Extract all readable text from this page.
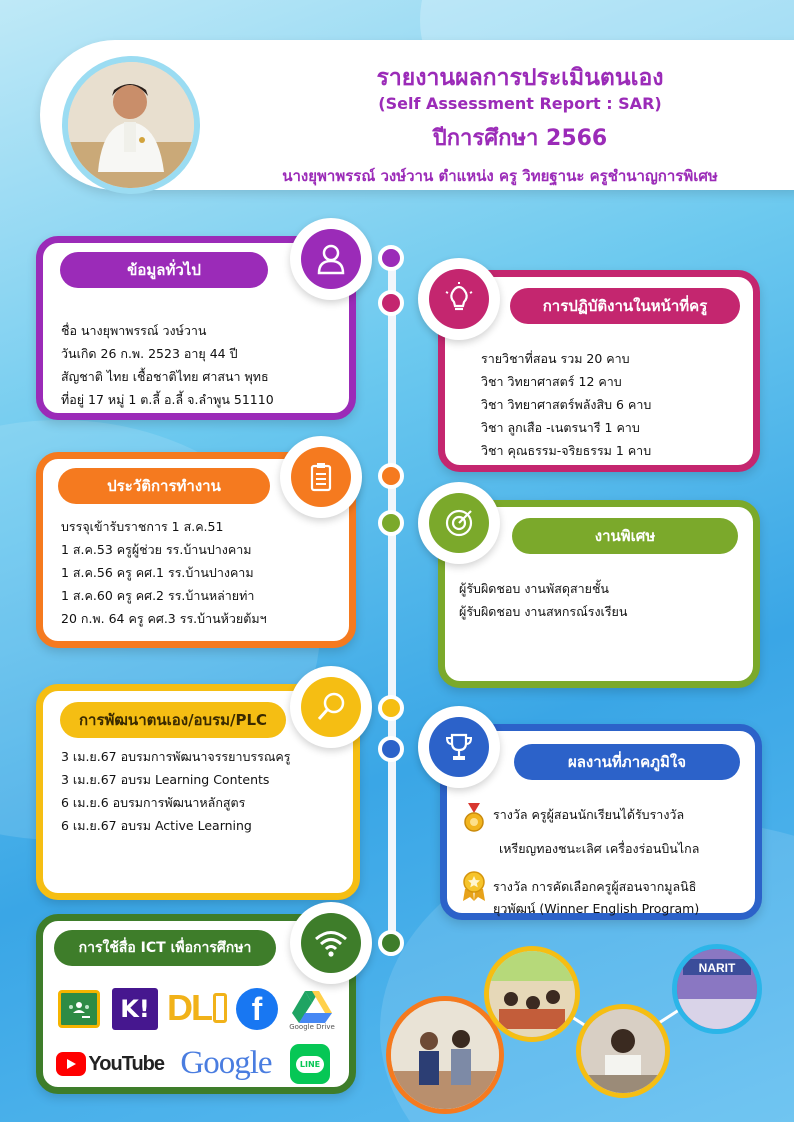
รายงานผลการประเมินตนเอง
(Self Assessment Report : SAR)
ปีการศึกษา 2566
นางยุพาพรรณ์ วงษ์วาน ตำแหน่ง ครู วิทยฐานะ ครูชำนาญการพิเศษ
ชื่อ นางยุพาพรรณ์ วงษ์วาน
วันเกิด 26 ก.พ. 2523 อายุ 44 ปี
สัญชาติ ไทย เชื้อชาติไทย ศาสนา พุทธ
ที่อยู่ 17 หมู่ 1 ต.ลี้ อ.ลี้ จ.ลำพูน 51110
ข้อมูลทั่วไป
รายวิชาที่สอน รวม 20 คาบ
วิชา วิทยาศาสตร์ 12 คาบ
วิชา วิทยาศาสตร์พลังสิบ 6 คาบ
วิชา ลูกเสือ -เนตรนารี 1 คาบ
วิชา คุณธรรม-จริยธรรม 1 คาบ
การปฏิบัติงานในหน้าที่ครู
บรรจุเข้ารับราชการ 1 ส.ค.51
1 ส.ค.53 ครูผู้ช่วย รร.บ้านปางคาม
1 ส.ค.56 ครู คศ.1 รร.บ้านปางคาม
1 ส.ค.60 ครู คศ.2 รร.บ้านหล่ายท่า
20 ก.พ. 64 ครู คศ.3 รร.บ้านห้วยต้มฯ
ประวัติการทำงาน
ผู้รับผิดชอบ งานพัสดุสายชั้น
ผู้รับผิดชอบ งานสหกรณ์รงเรียน
งานพิเศษ
3 เม.ย.67 อบรมการพัฒนาจรรยาบรรณครู
3 เม.ย.67 อบรม Learning Contents
6 เม.ย.6 อบรมการพัฒนาหลักสูตร
6 เม.ย.67 อบรม Active Learning
การพัฒนาตนเอง/อบรม/PLC
รางวัล ครูผู้สอนนักเรียนได้รับรางวัล
เหรียญทองชนะเลิศ เครื่องร่อนบินไกล
รางวัล การคัดเลือกครูผู้สอนจากมูลนิธิ
ยุวพัฒน์ (Winner English Program)
ผลงานที่ภาคภูมิใจ
การใช้สื่อ ICT เพื่อการศึกษา
K! DL	f
Google Drive
YouTube Google	LINE
NARIT
